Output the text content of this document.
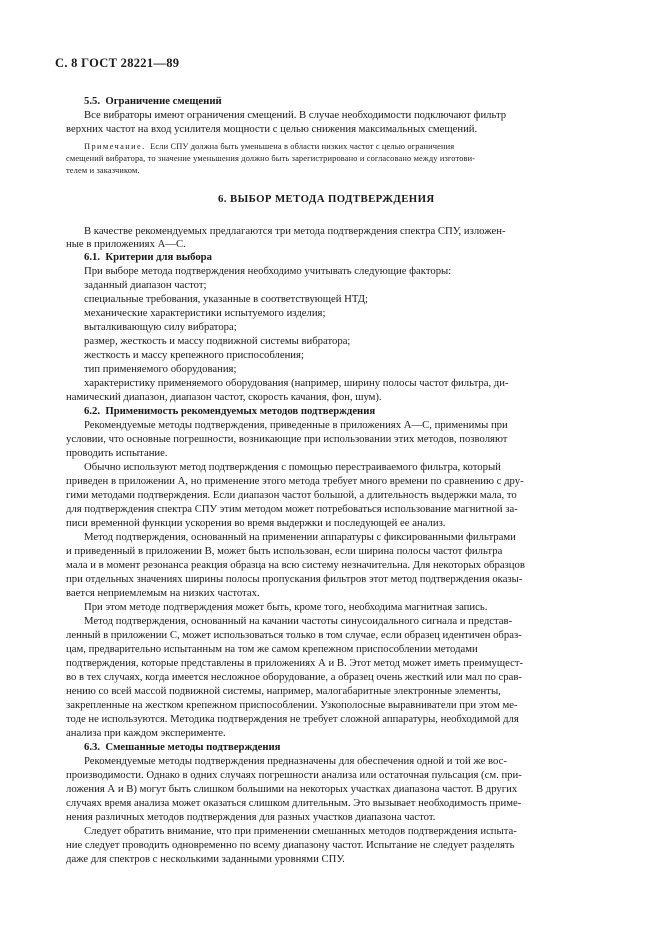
С. 8 ГОСТ 28221—89
5.5. Ограничение смещений
Все вибраторы имеют ограничения смещений. В случае необходимости подключают фильтр
верхних частот на вход усилителя мощности с целью снижения максимальных смещений.
Примечание. Если СПУ должна быть уменьшена в области низких частот с целью ограничения
смещений вибратора, то значение уменьшения должно быть зарегистрировано и согласовано между изготови-
телем и заказчиком.
6. ВЫБОР МЕТОДА ПОДТВЕРЖДЕНИЯ
В качестве рекомендуемых предлагаются три метода подтверждения спектра СПУ, изложен-
ные в приложениях А—С.
6.1. Критерии для выбора
При выборе метода подтверждения необходимо учитывать следующие факторы:
заданный диапазон частот;
специальные требования, указанные в соответствующей НТД;
механические характеристики испытуемого изделия;
выталкивающую силу вибратора;
размер, жесткость и массу подвижной системы вибратора;
жесткость и массу крепежного приспособления;
тип применяемого оборудования;
характеристику применяемого оборудования (например, ширину полосы частот фильтра, ди-
намический диапазон, диапазон частот, скорость качания, фон, шум).
6.2. Применимость рекомендуемых методов подтверждения
Рекомендуемые методы подтверждения, приведенные в приложениях А—С, применимы при
условии, что основные погрешности, возникающие при использовании этих методов, позволяют
проводить испытание.
Обычно используют метод подтверждения с помощью перестраиваемого фильтра, который
приведен в приложении А, но применение этого метода требует много времени по сравнению с дру-
гими методами подтверждения. Если диапазон частот большой, а длительность выдержки мала, то
для подтверждения спектра СПУ этим методом может потребоваться использование магнитной за-
писи временной функции ускорения во время выдержки и последующей ее анализ.
Метод подтверждения, основанный на применении аппаратуры с фиксированными фильтрами
и приведенный в приложении В, может быть использован, если ширина полосы частот фильтра
мала и в момент резонанса реакция образца на всю систему незначительна. Для некоторых образцов
при отдельных значениях ширины полосы пропускания фильтров этот метод подтверждения оказы-
вается неприемлемым на низких частотах.
При этом методе подтверждения может быть, кроме того, необходима магнитная запись.
Метод подтверждения, основанный на качании частоты синусоидального сигнала и представ-
ленный в приложении С, может использоваться только в том случае, если образец идентичен образ-
цам, предварительно испытанным на том же самом крепежном приспособлении методами
подтверждения, которые представлены в приложениях А и В. Этот метод может иметь преимущест-
во в тех случаях, когда имеется несложное оборудование, а образец очень жесткий или мал по срав-
нению со всей массой подвижной системы, например, малогабаритные электронные элементы,
закрепленные на жестком крепежном приспособлении. Узкополосные выравниватели при этом ме-
тоде не используются. Методика подтверждения не требует сложной аппаратуры, необходимой для
анализа при каждом эксперименте.
6.3. Смешанные методы подтверждения
Рекомендуемые методы подтверждения предназначены для обеспечения одной и той же вос-
производимости. Однако в одних случаях погрешности анализа или остаточная пульсация (см. при-
ложения А и В) могут быть слишком большими на некоторых участках диапазона частот. В других
случаях время анализа может оказаться слишком длительным. Это вызывает необходимость приме-
нения различных методов подтверждения для разных участков диапазона частот.
Следует обратить внимание, что при применении смешанных методов подтверждения испыта-
ние следует проводить одновременно по всему диапазону частот. Испытание не следует разделять
даже для спектров с несколькими заданными уровнями СПУ.
